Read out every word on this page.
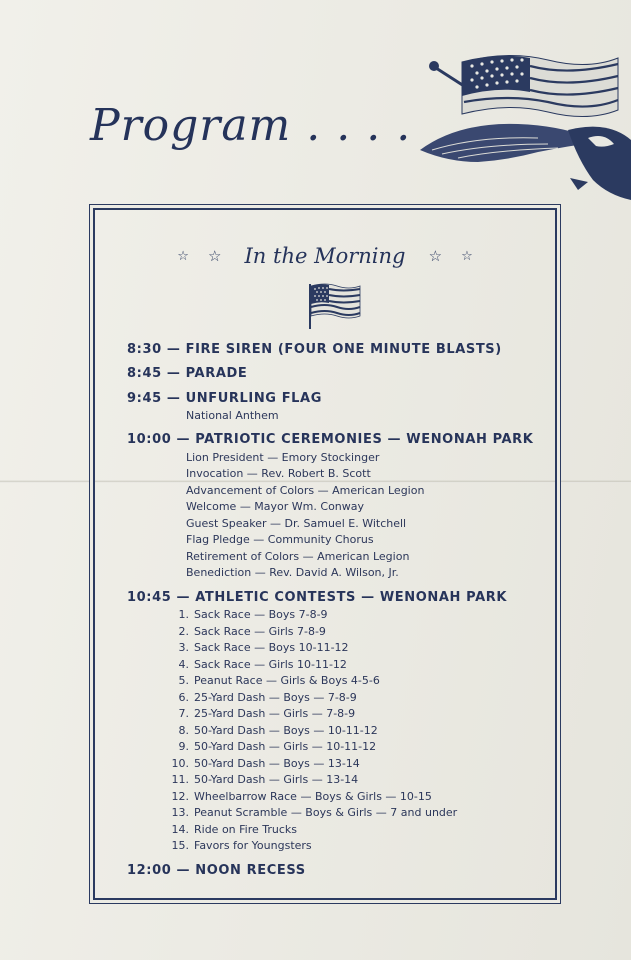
Program . . . .
☆ ☆ In the Morning ☆ ☆
8:30 — FIRE SIREN (FOUR ONE MINUTE BLASTS)
8:45 — PARADE
9:45 — UNFURLING FLAG
National Anthem
10:00 — PATRIOTIC CEREMONIES — WENONAH PARK
Lion President — Emory Stockinger
Invocation — Rev. Robert B. Scott
Advancement of Colors — American Legion
Welcome — Mayor Wm. Conway
Guest Speaker — Dr. Samuel E. Witchell
Flag Pledge — Community Chorus
Retirement of Colors — American Legion
Benediction — Rev. David A. Wilson, Jr.
10:45 — ATHLETIC CONTESTS — WENONAH PARK
1. Sack Race — Boys 7-8-9
2. Sack Race — Girls 7-8-9
3. Sack Race — Boys 10-11-12
4. Sack Race — Girls 10-11-12
5. Peanut Race — Girls & Boys 4-5-6
6. 25-Yard Dash — Boys — 7-8-9
7. 25-Yard Dash — Girls — 7-8-9
8. 50-Yard Dash — Boys — 10-11-12
9. 50-Yard Dash — Girls — 10-11-12
10. 50-Yard Dash — Boys — 13-14
11. 50-Yard Dash — Girls — 13-14
12. Wheelbarrow Race — Boys & Girls — 10-15
13. Peanut Scramble — Boys & Girls — 7 and under
14. Ride on Fire Trucks
15. Favors for Youngsters
12:00 — NOON RECESS
